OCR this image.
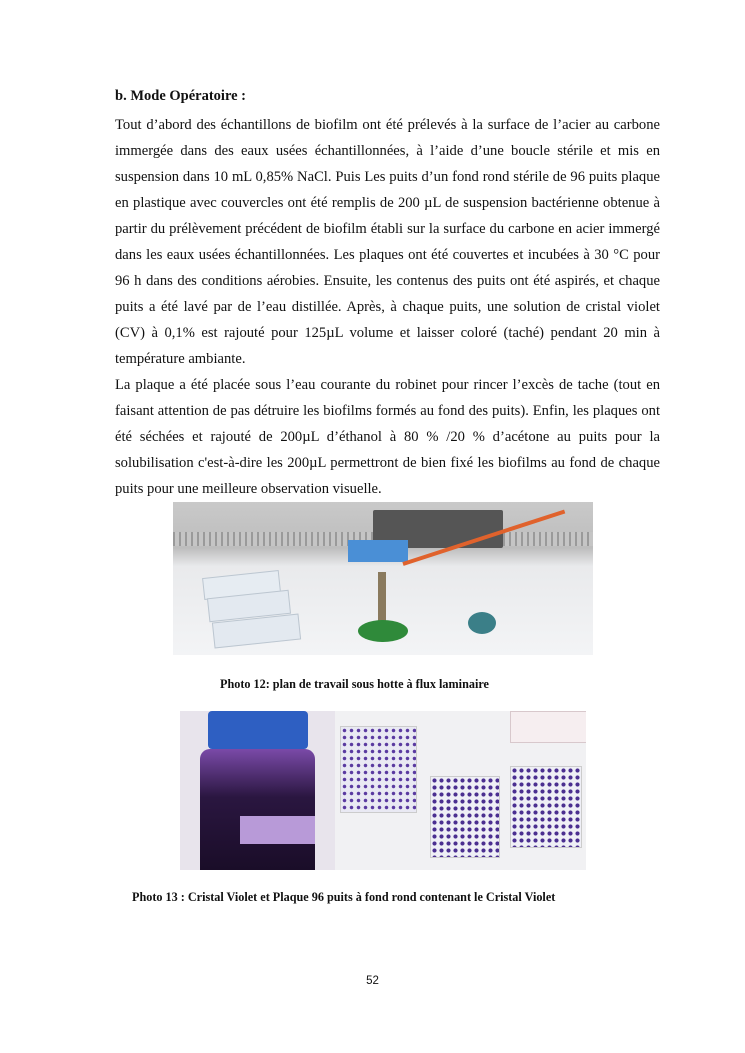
b. Mode Opératoire :

Tout d’abord des échantillons de biofilm ont été prélevés à la surface de l’acier au carbone immergée dans des eaux usées échantillonnées, à l’aide d’une boucle stérile et mis en suspension dans 10 mL 0,85% NaCl. Puis Les puits d’un fond rond stérile de 96 puits plaque en plastique avec couvercles ont été remplis de 200 µL de suspension bactérienne obtenue à partir du prélèvement précédent de biofilm établi sur la surface du carbone en acier immergé dans les eaux usées échantillonnées. Les plaques ont été couvertes et incubées à 30 °C pour 96 h dans des conditions aérobies. Ensuite, les contenus des puits ont été aspirés, et chaque puits a été lavé par de l’eau distillée. Après, à chaque puits, une solution de cristal violet (CV) à 0,1% est rajouté pour 125µL volume et laisser coloré (taché) pendant 20 min à température ambiante.

La plaque a été placée sous l’eau courante du robinet pour rincer l’excès de tache (tout en faisant attention de pas détruire les biofilms formés au fond des puits). Enfin, les plaques ont été séchées et rajouté de 200µL d’éthanol à 80 % /20 % d’acétone au puits pour la solubilisation c'est-à-dire les 200µL permettront de bien fixé les biofilms au fond de chaque puits pour une meilleure observation visuelle.

Photo 12: plan de travail sous hotte à flux laminaire
Photo 13 : Cristal Violet et Plaque 96 puits à fond rond contenant le Cristal Violet
52
